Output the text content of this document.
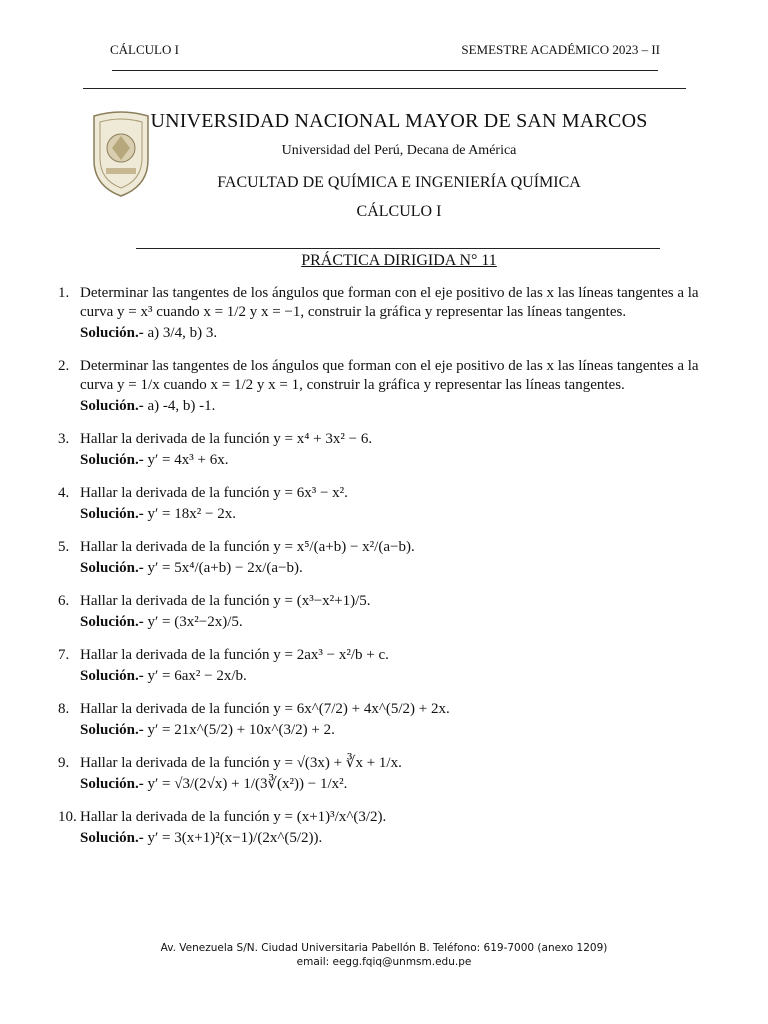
CÁLCULO I	SEMESTRE ACADÉMICO 2023 – II
UNIVERSIDAD NACIONAL MAYOR DE SAN MARCOS
Universidad del Perú, Decana de América
FACULTAD DE QUÍMICA E INGENIERÍA QUÍMICA
CÁLCULO I
PRÁCTICA DIRIGIDA N° 11
1. Determinar las tangentes de los ángulos que forman con el eje positivo de las x las líneas tangentes a la curva y = x³ cuando x = 1/2 y x = −1, construir la gráfica y representar las líneas tangentes.
Solución.- a) 3/4, b) 3.
2. Determinar las tangentes de los ángulos que forman con el eje positivo de las x las líneas tangentes a la curva y = 1/x cuando x = 1/2 y x = 1, construir la gráfica y representar las líneas tangentes.
Solución.- a) -4, b) -1.
3. Hallar la derivada de la función y = x⁴ + 3x² − 6.
Solución.- y′ = 4x³ + 6x.
4. Hallar la derivada de la función y = 6x³ − x².
Solución.- y′ = 18x² − 2x.
5. Hallar la derivada de la función y = x⁵/(a+b) − x²/(a−b).
Solución.- y′ = 5x⁴/(a+b) − 2x/(a−b).
6. Hallar la derivada de la función y = (x³−x²+1)/5.
Solución.- y′ = (3x²−2x)/5.
7. Hallar la derivada de la función y = 2ax³ − x²/b + c.
Solución.- y′ = 6ax² − 2x/b.
8. Hallar la derivada de la función y = 6x^(7/2) + 4x^(5/2) + 2x.
Solución.- y′ = 21x^(5/2) + 10x^(3/2) + 2.
9. Hallar la derivada de la función y = √(3x) + ∛x + 1/x.
Solución.- y′ = √3/(2√x) + 1/(3∛(x²)) − 1/x².
10. Hallar la derivada de la función y = (x+1)³/x^(3/2).
Solución.- y′ = 3(x+1)²(x−1)/(2x^(5/2)).
Av. Venezuela S/N. Ciudad Universitaria Pabellón B. Teléfono: 619-7000 (anexo 1209)
email: eegg.fqiq@unmsm.edu.pe
